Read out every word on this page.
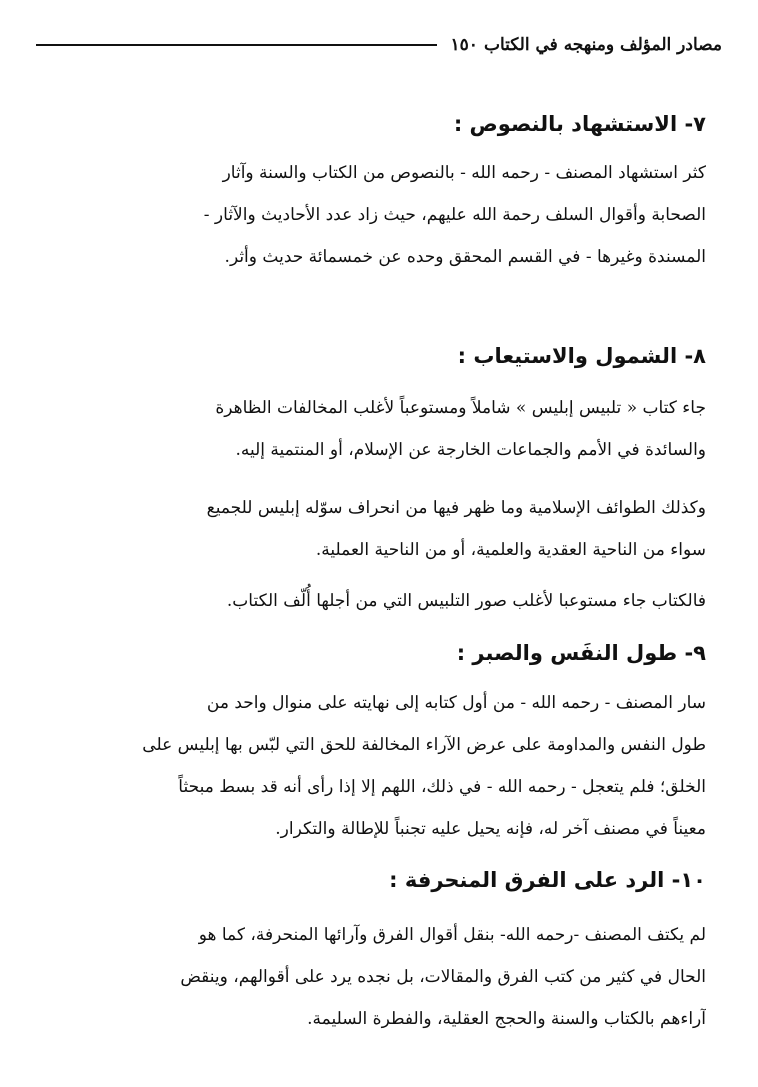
مصادر المؤلف ومنهجه في الكتاب
١٥٠
٧- الاستشهاد بالنصوص :
كثر استشهاد المصنف - رحمه الله - بالنصوص من الكتاب والسنة وآثار
الصحابة وأقوال السلف رحمة الله عليهم، حيث زاد عدد الأحاديث والآثار -
المسندة وغيرها - في القسم المحقق وحده عن خمسمائة حديث وأثر.
٨- الشمول والاستيعاب :
جاء كتاب « تلبيس إبليس » شاملاً ومستوعباً لأغلب المخالفات الظاهرة
والسائدة في الأمم والجماعات الخارجة عن الإسلام، أو المنتمية إليه.
وكذلك الطوائف الإسلامية وما ظهر فيها من انحراف سوّله إبليس للجميع
سواء من الناحية العقدية والعلمية، أو من الناحية العملية.
فالكتاب جاء مستوعبا لأغلب صور التلبيس التي من أجلها أُلّف الكتاب.
٩- طول النفَس والصبر :
سار المصنف - رحمه الله - من أول كتابه إلى نهايته على منوال واحد من
طول النفس والمداومة على عرض الآراء المخالفة للحق التي لبّس بها إبليس على
الخلق؛ فلم يتعجل - رحمه الله - في ذلك، اللهم إلا إذا رأى أنه قد بسط مبحثاً
معيناً في مصنف آخر له، فإنه يحيل عليه تجنباً للإطالة والتكرار.
١٠- الرد على الفرق المنحرفة :
لم يكتف المصنف -رحمه الله- بنقل أقوال الفرق وآرائها المنحرفة، كما هو
الحال في كثير من كتب الفرق والمقالات، بل نجده يرد على أقوالهم، وينقض
آراءهم بالكتاب والسنة والحجج العقلية، والفطرة السليمة.
